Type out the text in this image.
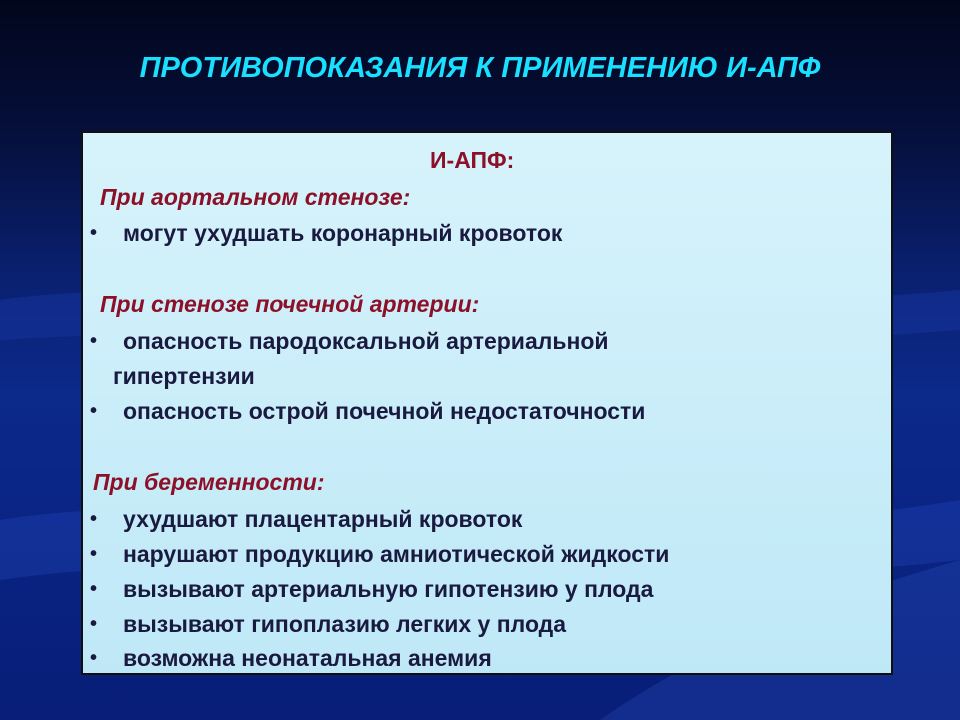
ПРОТИВОПОКАЗАНИЯ К ПРИМЕНЕНИЮ И-АПФ
И-АПФ:
При аортальном стенозе:
• могут ухудшать коронарный кровоток
При стенозе почечной артерии:
• опасность пародоксальной артериальной
гипертензии
• опасность острой почечной недостаточности
При беременности:
• ухудшают плацентарный кровоток
• нарушают продукцию амниотической жидкости
• вызывают артериальную гипотензию у плода
• вызывают гипоплазию легких у плода
• возможна неонатальная анемия
